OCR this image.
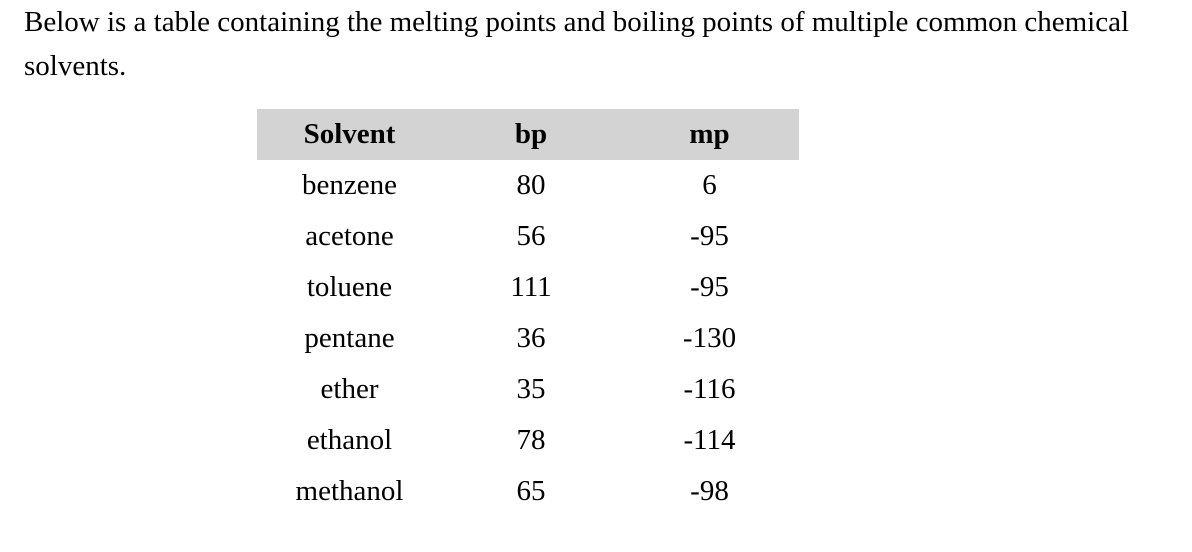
Below is a table containing the melting points and boiling points of multiple common chemical solvents.

Solvent	bp	mp
benzene	80	6
acetone	56	-95
toluene	111	-95
pentane	36	-130
ether	35	-116
ethanol	78	-114
methanol	65	-98
